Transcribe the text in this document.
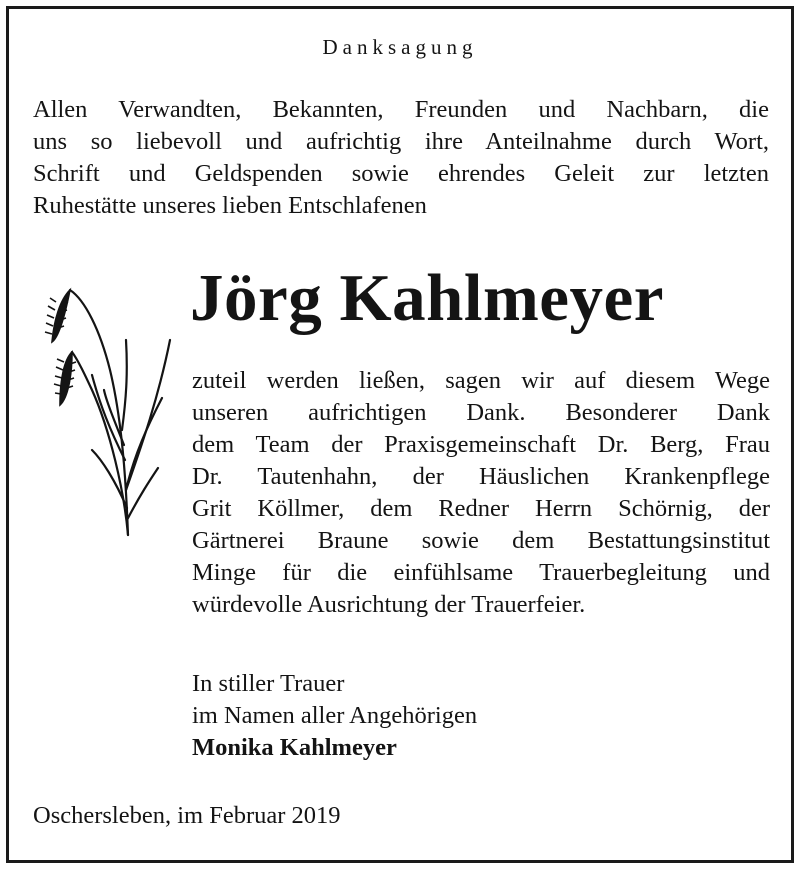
Danksagung
Allen Verwandten, Bekannten, Freunden und Nachbarn, die
uns so liebevoll und aufrichtig ihre Anteilnahme durch Wort,
Schrift und Geldspenden sowie ehrendes Geleit zur letzten
Ruhestätte unseres lieben Entschlafenen
Jörg Kahlmeyer
zuteil werden ließen, sagen wir auf diesem Wege
unseren aufrichtigen Dank. Besonderer Dank
dem Team der Praxisgemeinschaft Dr. Berg, Frau
Dr. Tautenhahn, der Häuslichen Krankenpflege
Grit Köllmer, dem Redner Herrn Schörnig, der
Gärtnerei Braune sowie dem Bestattungsinstitut
Minge für die einfühlsame Trauerbegleitung und
würdevolle Ausrichtung der Trauerfeier.
In stiller Trauer
im Namen aller Angehörigen
Monika Kahlmeyer
Oschersleben, im Februar 2019
